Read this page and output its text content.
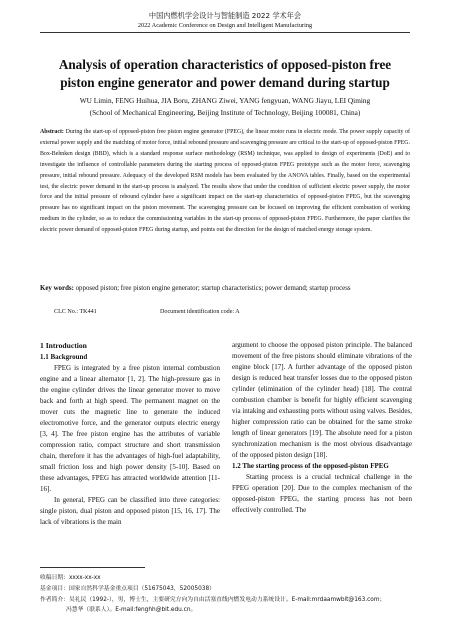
中国内燃机学会设计与智能制造 2022 学术年会
2022 Academic Conference on Design and Intelligent Manufacturing
Analysis of operation characteristics of opposed-piston free
piston engine generator and power demand during startup
WU Limin, FENG Huihua, JIA Boru, ZHANG Ziwei, YANG fengyuan, WANG Jiayu, LEI Qiming
(School of Mechanical Engineering, Beijing Institute of Technology, Beijing 100081, China)
Abstract: During the start-up of opposed-piston free piston engine generator (FPEG), the linear motor runs in electric mode. The power supply capacity of external power supply and the matching of motor force, initial rebound pressure and scavenging pressure are critical to the start-up of opposed-piston FPEG. Box-Behnken design (BBD), which is a standard response surface methodology (RSM) technique, was applied to design of experiments (DoE) and to investigate the influence of controllable parameters during the starting process of opposed-piston FPEG prototype such as the motor force, scavenging pressure, initial rebound pressure. Adequacy of the developed RSM models has been evaluated by the ANOVA tables. Finally, based on the experimental test, the electric power demand in the start-up process is analyzed. The results show that under the condition of sufficient electric power supply, the motor force and the initial pressure of rebound cylinder have a significant impact on the start-up characteristics of opposed-piston FPEG, but the scavenging pressure has no significant impact on the piston movement. The scavenging pressure can be focused on improving the efficient combustion of working medium in the cylinder, so as to reduce the commissioning variables in the start-up process of opposed-piston FPEG. Furthermore, the paper clarifies the electric power demand of opposed-piston FPEG during startup, and points out the direction for the design of matched energy storage system.
Key words: opposed piston; free piston engine generator; startup characteristics; power demand; startup process
CLC No.: TK441	Document identification code: A

1 Introduction

1.1 Background

FPEG is integrated by a free piston internal combustion engine and a linear alternator [1, 2]. The high-pressure gas in the engine cylinder drives the linear generator mover to move back and forth at high speed. The permanent magnet on the mover cuts the magnetic line to generate the induced electromotive force, and the generator outputs electric energy [3, 4]. The free piston engine has the attributes of variable compression ratio, compact structure and short transmission chain, therefore it has the advantages of high-fuel adaptability, small friction loss and high power density [5-10]. Based on these advantages, FPEG has attracted worldwide attention [11-16].

In general, FPEG can be classified into three categories: single piston, dual piston and opposed piston [15, 16, 17]. The lack of vibrations is the main

argument to choose the opposed piston principle. The balanced movement of the free pistons should eliminate vibrations of the engine block [17]. A further advantage of the opposed piston design is reduced heat transfer losses due to the opposed piston cylinder (elimination of the cylinder head) [18]. The central combustion chamber is benefit for highly efficient scavenging via intaking and exhausting ports without using valves. Besides, higher compression ratio can be obtained for the same stroke length of linear generators [19]. The absolute need for a piston synchronization mechanism is the most obvious disadvantage of the opposed piston design [18].

1.2 The starting process of the opposed-piston FPEG

Starting process is a crucial technical challenge in the FPEG operation [20]. Due to the complex mechanism of the opposed-piston FPEG, the starting process has not been effectively controlled. The

收稿日期：xxxx-xx-xx
基金项目：国家自然科学基金重点项目（51675043，52005038）
作者简介：吴礼民（1992-），男，博士生，主要研究方向为自由活塞直线内燃发电动力系统设计。E-mail:mrdaamwbit@163.com；
冯慧华（联系人）。E-mail:fenghh@bit.edu.cn。
